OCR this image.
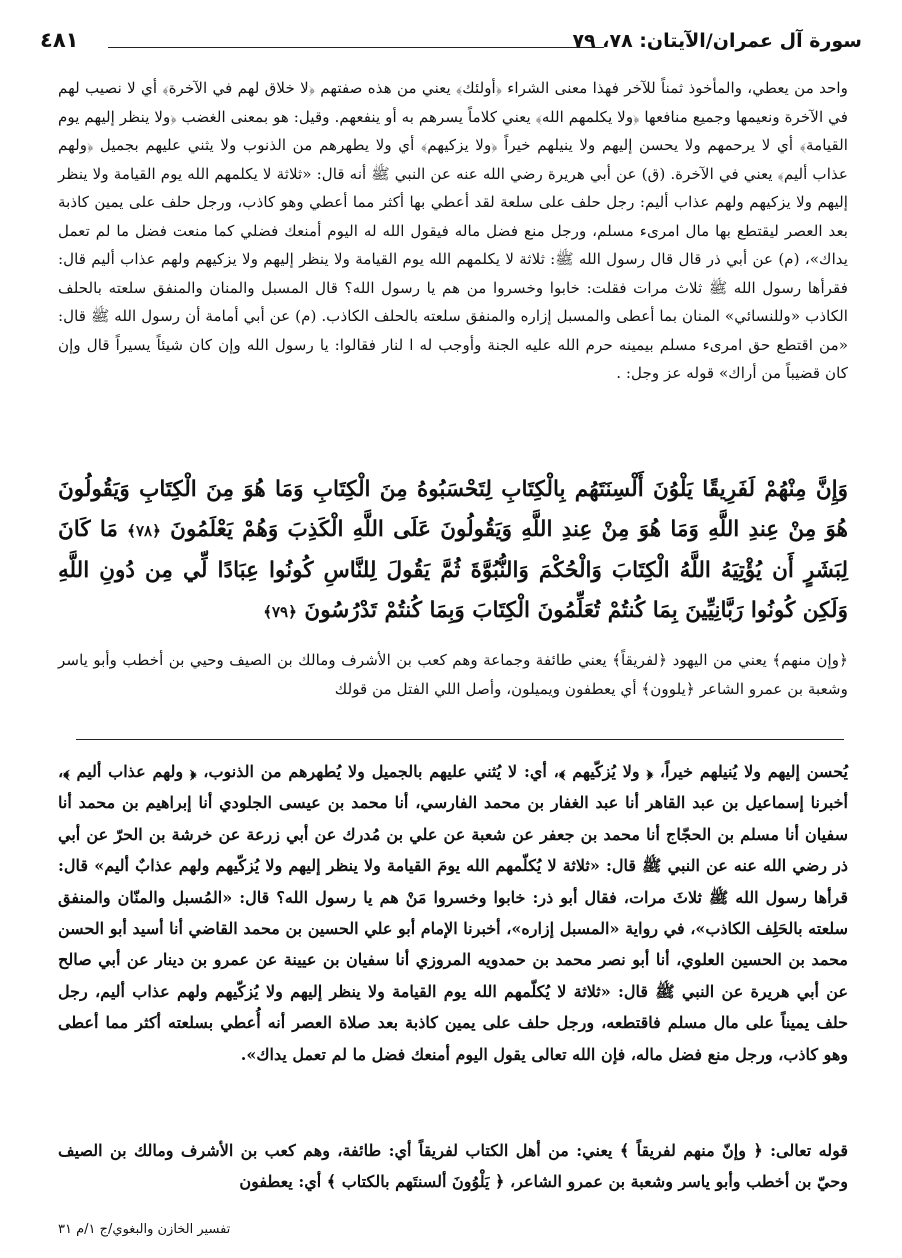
سورة آل عمران/الآيتان: ٧٨، ٧٩
٤٨١
واحد من يعطي، والمأخوذ ثمناً للآخر فهذا معنى الشراء ﴿أولئك﴾ يعني من هذه صفتهم ﴿لا خلاق لهم في الآخرة﴾ أي لا نصيب لهم في الآخرة ونعيمها وجميع منافعها ﴿ولا يكلمهم الله﴾ يعني كلاماً يسرهم به أو ينفعهم. وقيل: هو بمعنى الغضب ﴿ولا ينظر إليهم يوم القيامة﴾ أي لا يرحمهم ولا يحسن إليهم ولا ينيلهم خيراً ﴿ولا يزكيهم﴾ أي ولا يطهرهم من الذنوب ولا يثني عليهم بجميل ﴿ولهم عذاب أليم﴾ يعني في الآخرة. (ق) عن أبي هريرة رضي الله عنه عن النبي ﷺ أنه قال: «ثلاثة لا يكلمهم الله يوم القيامة ولا ينظر إليهم ولا يزكيهم ولهم عذاب أليم: رجل حلف على سلعة لقد أعطي بها أكثر مما أعطي وهو كاذب، ورجل حلف على يمين كاذبة بعد العصر ليقتطع بها مال امرىء مسلم، ورجل منع فضل ماله فيقول الله له اليوم أمنعك فضلي كما منعت فضل ما لم تعمل يداك»، (م) عن أبي ذر قال قال رسول الله ﷺ: ثلاثة لا يكلمهم الله يوم القيامة ولا ينظر إليهم ولا يزكيهم ولهم عذاب أليم قال: فقرأها رسول الله ﷺ ثلاث مرات فقلت: خابوا وخسروا من هم يا رسول الله؟ قال المسبل والمنان والمنفق سلعته بالحلف الكاذب «وللنسائي» المنان بما أعطى والمسبل إزاره والمنفق سلعته بالحلف الكاذب. (م) عن أبي أمامة أن رسول الله ﷺ قال: «من اقتطع حق امرىء مسلم بيمينه حرم الله عليه الجنة وأوجب له ا لنار فقالوا: يا رسول الله وإن كان شيئاً يسيراً قال وإن كان قضيباً من أراك» قوله عز وجل: .
وَإِنَّ مِنْهُمْ لَفَرِيقًا يَلْوُنَ أَلْسِنَتَهُم بِالْكِتَابِ لِتَحْسَبُوهُ مِنَ الْكِتَابِ وَمَا هُوَ مِنَ الْكِتَابِ وَيَقُولُونَ هُوَ مِنْ عِندِ اللَّهِ وَمَا هُوَ مِنْ عِندِ اللَّهِ وَيَقُولُونَ عَلَى اللَّهِ الْكَذِبَ وَهُمْ يَعْلَمُونَ ﴿٧٨﴾ مَا كَانَ لِبَشَرٍ أَن يُؤْتِيَهُ اللَّهُ الْكِتَابَ وَالْحُكْمَ وَالنُّبُوَّةَ ثُمَّ يَقُولَ لِلنَّاسِ كُونُوا عِبَادًا لِّي مِن دُونِ اللَّهِ وَلَكِن كُونُوا رَبَّانِيِّينَ بِمَا كُنتُمْ تُعَلِّمُونَ الْكِتَابَ وَبِمَا كُنتُمْ تَدْرُسُونَ ﴿٧٩﴾
﴿وإن منهم﴾ يعني من اليهود ﴿لفريقاً﴾ يعني طائفة وجماعة وهم كعب بن الأشرف ومالك بن الصيف وحيي بن أخطب وأبو ياسر وشعبة بن عمرو الشاعر ﴿يلوون﴾ أي يعطفون ويميلون، وأصل اللي الفتل من قولك
يُحسن إليهم ولا يُنيلهم خيراً، ﴿ ولا يُزكّيهم ﴾، أي: لا يُثني عليهم بالجميل ولا يُطهرهم من الذنوب، ﴿ ولهم عذاب أليم ﴾، أخبرنا إسماعيل بن عبد القاهر أنا عبد الغفار بن محمد الفارسي، أنا محمد بن عيسى الجلودي أنا إبراهيم بن محمد أنا سفيان أنا مسلم بن الحجّاج أنا محمد بن جعفر عن شعبة عن علي بن مُدرك عن أبي زرعة عن خرشة بن الحرّ عن أبي ذر رضي الله عنه عن النبي ﷺ قال: «ثلاثة لا يُكلّمهم الله يومَ القيامة ولا ينظر إليهم ولا يُزكّيهم ولهم عذابٌ أليم» قال: قرأها رسول الله ﷺ ثلاثَ مرات، فقال أبو ذر: خابوا وخسروا مَنْ هم يا رسول الله؟ قال: «المُسبل والمنّان والمنفق سلعته بالحَلِف الكاذب»، في رواية «المسبل إزاره»، أخبرنا الإمام أبو علي الحسين بن محمد القاضي أنا أسيد أبو الحسن محمد بن الحسين العلوي، أنا أبو نصر محمد بن حمدويه المروزي أنا سفيان بن عيينة عن عمرو بن دينار عن أبي صالح عن أبي هريرة عن النبي ﷺ قال: «ثلاثة لا يُكلّمهم الله يوم القيامة ولا ينظر إليهم ولا يُزكّيهم ولهم عذاب أليم، رجل حلف يميناً على مال مسلم فاقتطعه، ورجل حلف على يمين كاذبة بعد صلاة العصر أنه أُعطي بسلعته أكثر مما أعطى وهو كاذب، ورجل منع فضل ماله، فإن الله تعالى يقول اليوم أمنعك فضل ما لم تعمل يداك».
قوله تعالى: ﴿ وإنّ منهم لفريقاً ﴾ يعني: من أهل الكتاب لفريقاً أي: طائفة، وهم كعب بن الأشرف ومالك بن الصيف وحيّ بن أخطب وأبو ياسر وشعبة بن عمرو الشاعر، ﴿ يَلْوُونَ ألسنتَهم بالكتاب ﴾ أي: يعطفون
تفسير الخازن والبغوي/ج ١/م ٣١
